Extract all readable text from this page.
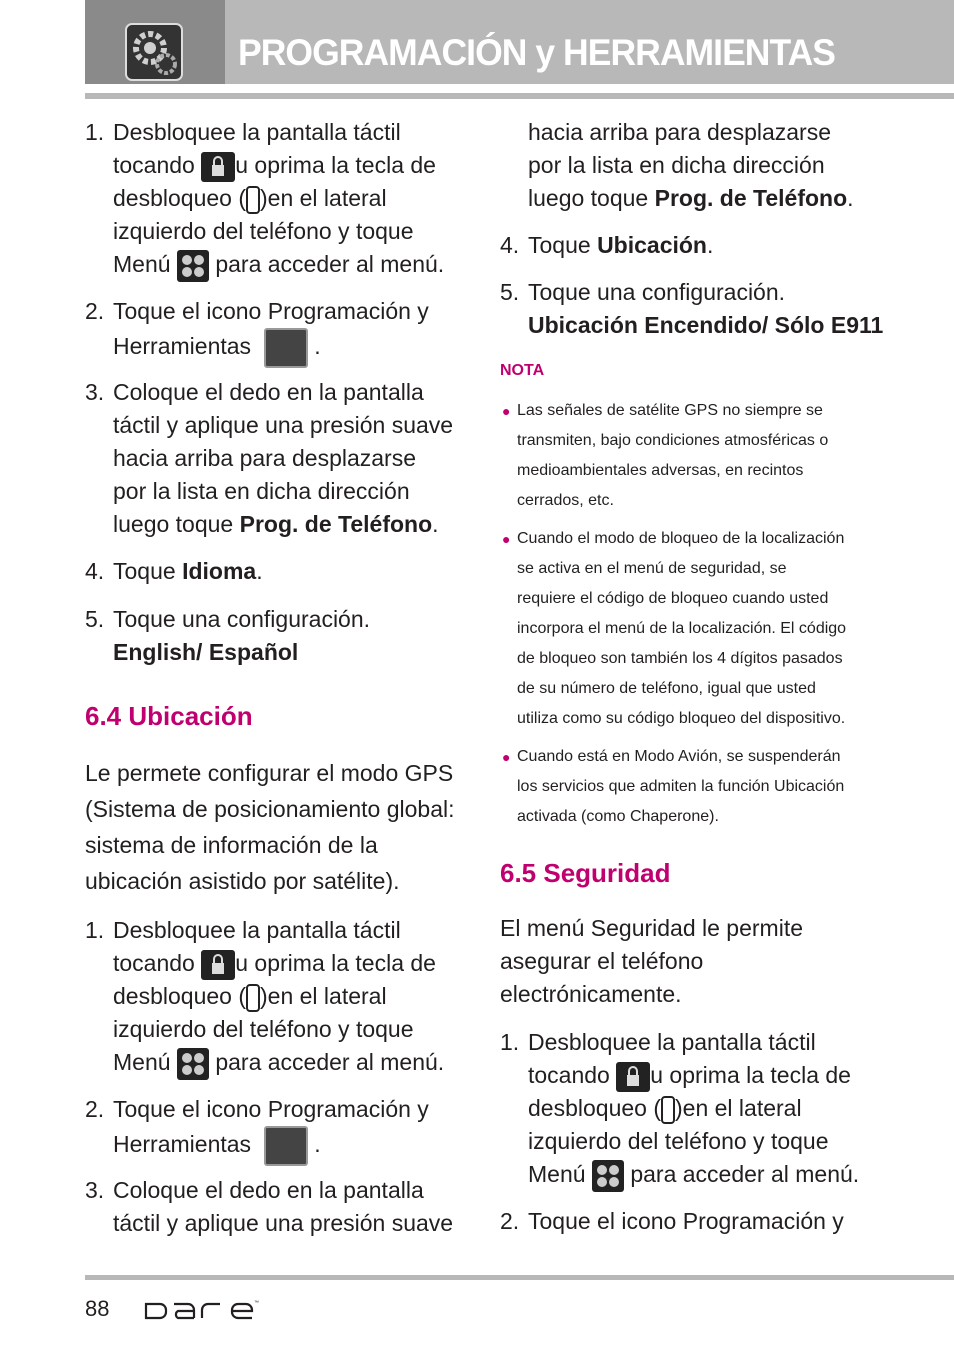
PROGRAMACIÓN y HERRAMIENTAS
1. Desbloquee la pantalla táctil
tocando u oprima la tecla de
desbloqueo ( )en el lateral
izquierdo del teléfono y toque
Menú para acceder al menú.
2. Toque el icono Programación y
Herramientas	.
3. Coloque el dedo en la pantalla
táctil y aplique una presión suave
hacia arriba para desplazarse
por la lista en dicha dirección
luego toque Prog. de Teléfono.
4. Toque Idioma.
5. Toque una configuración.
English/ Español
6.4 Ubicación
Le permete configurar el modo GPS
(Sistema de posicionamiento global:
sistema de información de la
ubicación asistido por satélite).
1. Desbloquee la pantalla táctil
tocando u oprima la tecla de
desbloqueo ( )en el lateral
izquierdo del teléfono y toque
Menú para acceder al menú.
2. Toque el icono Programación y
Herramientas	.
3. Coloque el dedo en la pantalla
táctil y aplique una presión suave
hacia arriba para desplazarse
por la lista en dicha dirección
luego toque Prog. de Teléfono.
4. Toque Ubicación.
5. Toque una configuración.
Ubicación Encendido/ Sólo E911
NOTA
● Las señales de satélite GPS no siempre se
transmiten, bajo condiciones atmosféricas o
medioambientales adversas, en recintos
cerrados, etc.
● Cuando el modo de bloqueo de la localización
se activa en el menú de seguridad, se
requiere el código de bloqueo cuando usted
incorpora el menú de la localización. El código
de bloqueo son también los 4 dígitos pasados
de su número de teléfono, igual que usted
utiliza como su código bloqueo del dispositivo.
● Cuando está en Modo Avión, se suspenderán
los servicios que admiten la función Ubicación
activada (como Chaperone).
6.5 Seguridad
El menú Seguridad le permite
asegurar el teléfono
electrónicamente.
1. Desbloquee la pantalla táctil
tocando u oprima la tecla de
desbloqueo ( )en el lateral
izquierdo del teléfono y toque
Menú para acceder al menú.
2. Toque el icono Programación y
88	™
